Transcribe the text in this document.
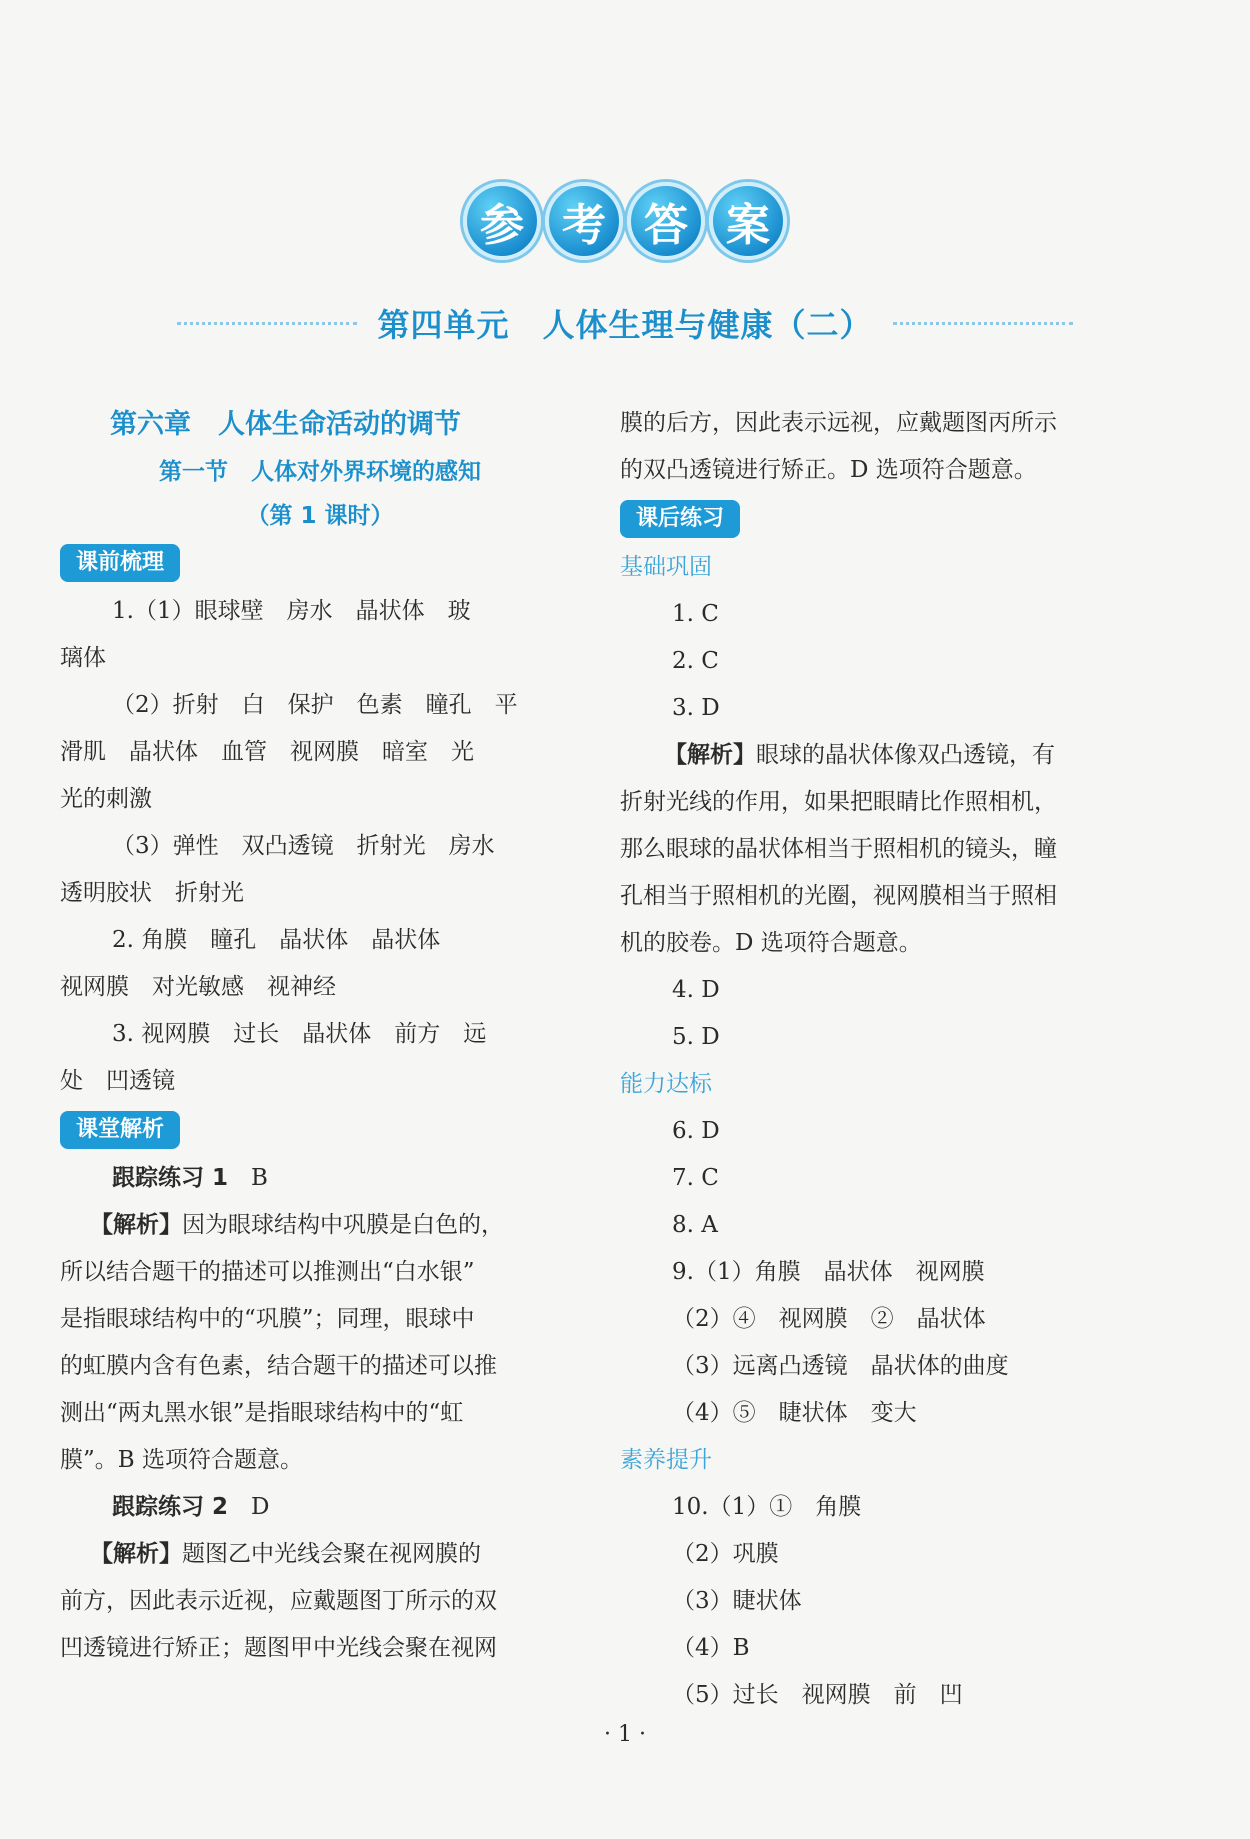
参 考 答 案
第四单元　人体生理与健康（二）
第六章　人体生命活动的调节
第一节　人体对外界环境的感知
（第 1 课时）
课前梳理
1.（1）眼球壁　房水　晶状体　玻
璃体
（2）折射　白　保护　色素　瞳孔　平
滑肌　晶状体　血管　视网膜　暗室　光
光的刺激
（3）弹性　双凸透镜　折射光　房水
透明胶状　折射光
2. 角膜　瞳孔　晶状体　晶状体
视网膜　对光敏感　视神经
3. 视网膜　过长　晶状体　前方　远
处　凹透镜
课堂解析
跟踪练习 1　 B
【解析】因为眼球结构中巩膜是白色的，
所以结合题干的描述可以推测出“白水银”
是指眼球结构中的“巩膜”；同理，眼球中
的虹膜内含有色素，结合题干的描述可以推
测出“两丸黑水银”是指眼球结构中的“虹
膜”。B 选项符合题意。
跟踪练习 2　 D
【解析】题图乙中光线会聚在视网膜的
前方，因此表示近视，应戴题图丁所示的双
凹透镜进行矫正；题图甲中光线会聚在视网
膜的后方，因此表示远视，应戴题图丙所示
的双凸透镜进行矫正。D 选项符合题意。
课后练习
基础巩固
1. C
2. C
3. D
【解析】眼球的晶状体像双凸透镜，有
折射光线的作用，如果把眼睛比作照相机，
那么眼球的晶状体相当于照相机的镜头，瞳
孔相当于照相机的光圈，视网膜相当于照相
机的胶卷。D 选项符合题意。
4. D
5. D
能力达标
6. D
7. C
8. A
9.（1）角膜　晶状体　视网膜
（2）④　视网膜　②　晶状体
（3）远离凸透镜　晶状体的曲度
（4）⑤　睫状体　变大
素养提升
10.（1）①　角膜
（2）巩膜
（3）睫状体
（4）B
（5）过长　视网膜　前　凹
· 1 ·
